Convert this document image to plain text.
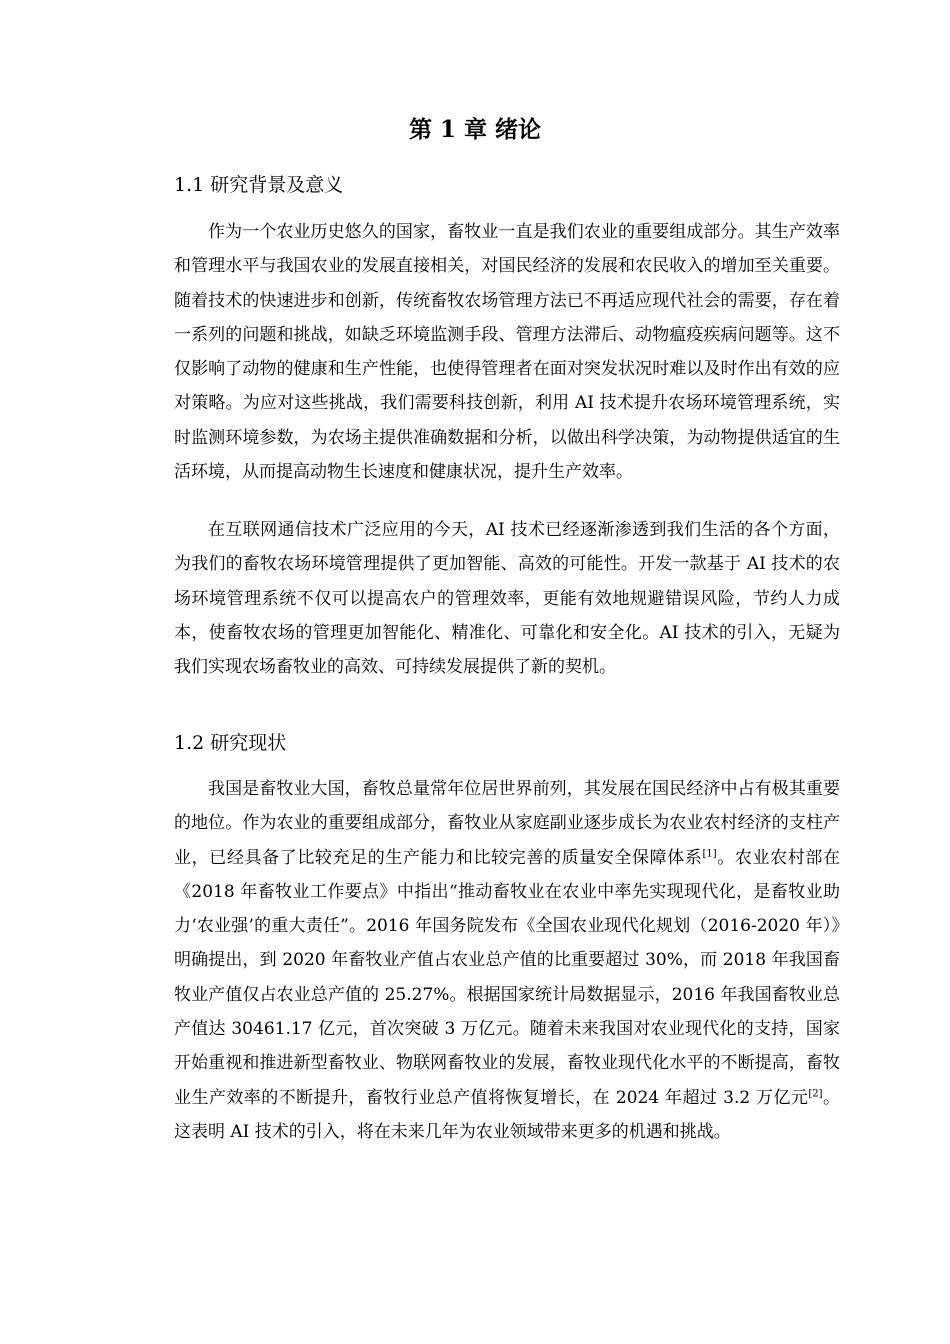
第 1 章 绪论
1.1 研究背景及意义

作为一个农业历史悠久的国家，畜牧业一直是我们农业的重要组成部分。其生产效率和管理水平与我国农业的发展直接相关，对国民经济的发展和农民收入的增加至关重要。随着技术的快速进步和创新，传统畜牧农场管理方法已不再适应现代社会的需要，存在着一系列的问题和挑战，如缺乏环境监测手段、管理方法滞后、动物瘟疫疾病问题等。这不仅影响了动物的健康和生产性能，也使得管理者在面对突发状况时难以及时作出有效的应对策略。为应对这些挑战，我们需要科技创新，利用 AI 技术提升农场环境管理系统，实时监测环境参数，为农场主提供准确数据和分析，以做出科学决策，为动物提供适宜的生活环境，从而提高动物生长速度和健康状况，提升生产效率。

在互联网通信技术广泛应用的今天，AI 技术已经逐渐渗透到我们生活的各个方面，为我们的畜牧农场环境管理提供了更加智能、高效的可能性。开发一款基于 AI 技术的农场环境管理系统不仅可以提高农户的管理效率，更能有效地规避错误风险，节约人力成本，使畜牧农场的管理更加智能化、精准化、可靠化和安全化。AI 技术的引入，无疑为我们实现农场畜牧业的高效、可持续发展提供了新的契机。

1.2 研究现状

我国是畜牧业大国，畜牧总量常年位居世界前列，其发展在国民经济中占有极其重要的地位。作为农业的重要组成部分，畜牧业从家庭副业逐步成长为农业农村经济的支柱产业，已经具备了比较充足的生产能力和比较完善的质量安全保障体系[1]。农业农村部在《2018 年畜牧业工作要点》中指出“推动畜牧业在农业中率先实现现代化，是畜牧业助力‘农业强’的重大责任”。2016 年国务院发布《全国农业现代化规划（2016-2020 年）》明确提出，到 2020 年畜牧业产值占农业总产值的比重要超过 30%，而 2018 年我国畜牧业产值仅占农业总产值的 25.27%。根据国家统计局数据显示，2016 年我国畜牧业总产值达 30461.17 亿元，首次突破 3 万亿元。随着未来我国对农业现代化的支持，国家开始重视和推进新型畜牧业、物联网畜牧业的发展，畜牧业现代化水平的不断提高，畜牧业生产效率的不断提升，畜牧行业总产值将恢复增长，在 2024 年超过 3.2 万亿元[2]。这表明 AI 技术的引入，将在未来几年为农业领域带来更多的机遇和挑战。
